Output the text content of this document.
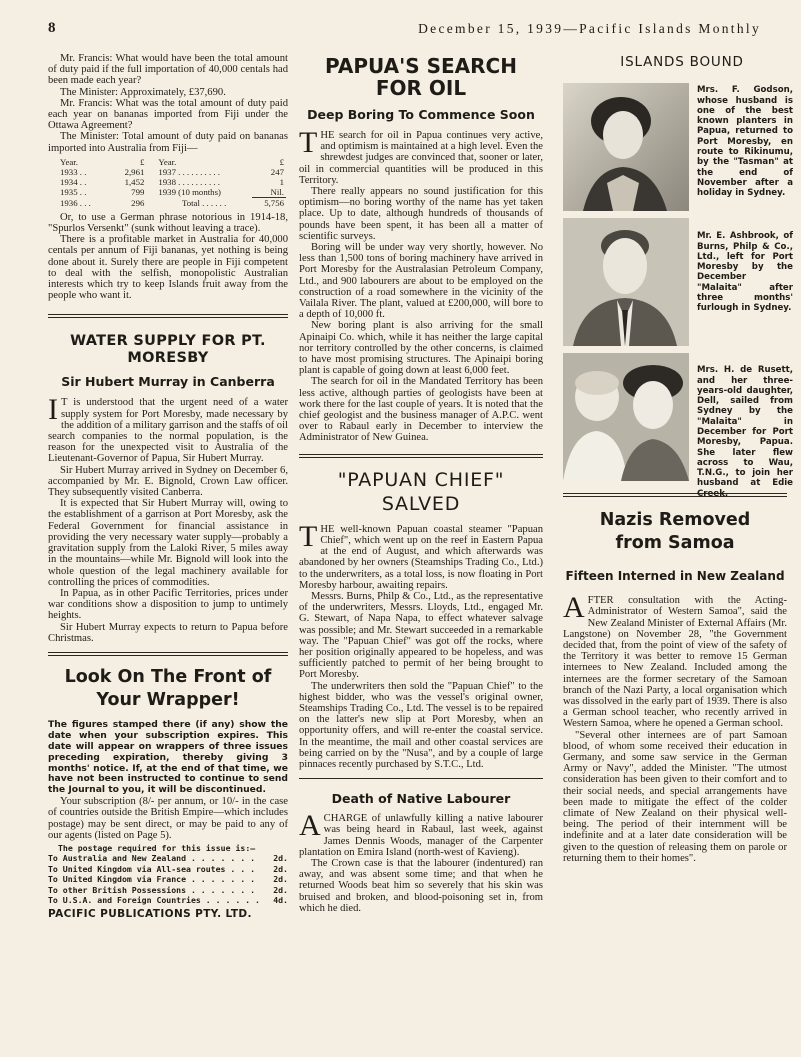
8	December 15, 1939—Pacific Islands Monthly

Mr. Francis: What would have been the total amount of duty paid if the full importation of 40,000 centals had been made each year?

The Minister: Approximately, £37,690.

Mr. Francis: What was the total amount of duty paid each year on bananas imported from Fiji under the Ottawa Agreement?

The Minister: Total amount of duty paid on bananas imported into Australia from Fiji—

Year.	£	Year.	£
1933 . .	2,961	1937 . . . . . . . . . .	247
1934 . .	1,452	1938 . . . . . . . . . .	1
1935 . .	799	1939 (10 months)	Nil.
1936 . . .	296	Total . . . . . .	5,756

Or, to use a German phrase notorious in 1914-18, "Spurlos Versenkt" (sunk without leaving a trace).

There is a profitable market in Australia for 40,000 centals per annum of Fiji bananas, yet nothing is being done about it. Surely there are people in Fiji competent to deal with the selfish, monopolistic Australian interests which try to keep Islands fruit away from the people who want it.

WATER SUPPLY FOR PT. MORESBY
Sir Hubert Murray in Canberra
I T is understood that the urgent need of a water supply system for Port Moresby, made necessary by the addition of a military garrison and the staffs of oil search companies to the normal population, is the reason for the unexpected visit to Australia of the Lieutenant-Governor of Papua, Sir Hubert Murray.

Sir Hubert Murray arrived in Sydney on December 6, accompanied by Mr. E. Bignold, Crown Law officer. They subsequently visited Canberra.

It is expected that Sir Hubert Murray will, owing to the establishment of a garrison at Port Moresby, ask the Federal Government for financial assistance in providing the very necessary water supply—probably a gravitation supply from the Laloki River, 5 miles away in the mountains—while Mr. Bignold will look into the whole question of the legal machinery available for controlling the prices of commodities.

In Papua, as in other Pacific Territories, prices under war conditions show a disposition to jump to untimely heights.

Sir Hubert Murray expects to return to Papua before Christmas.

Look On The Front of Your Wrapper!

The figures stamped there (if any) show the date when your subscription expires. This date will appear on wrappers of three issues preceding expiration, thereby giving 3 months' notice. If, at the end of that time, we have not been instructed to continue to send the Journal to you, it will be discontinued.

Your subscription (8/- per annum, or 10/- in the case of countries outside the British Empire—which includes postage) may be sent direct, or may be paid to any of our agents (listed on Page 5).

The postage required for this issue is:—
To Australia and New Zealand . . . . . . . 2d.
To United Kingdom via All-sea routes . . . 2d.
To United Kingdom via France . . . . . . . 2d.
To other British Possessions . . . . . . . 2d.
To U.S.A. and Foreign Countries . . . . . . 4d.
PACIFIC PUBLICATIONS PTY. LTD.
PAPUA'S SEARCH FOR OIL
Deep Boring To Commence Soon
T HE search for oil in Papua continues very active, and optimism is maintained at a high level. Even the shrewdest judges are convinced that, sooner or later, oil in commercial quantities will be produced in this Territory.

There really appears no sound justification for this optimism—no boring worthy of the name has yet taken place. Up to date, although hundreds of thousands of pounds have been spent, it has been all a matter of scientific surveys.

Boring will be under way very shortly, however. No less than 1,500 tons of boring machinery have arrived in Port Moresby for the Australasian Petroleum Company, Ltd., and 900 labourers are about to be employed on the construction of a road somewhere in the vicinity of the Vailala River. The plant, valued at £200,000, will bore to a depth of 10,000 ft.

New boring plant is also arriving for the small Apinaipi Co. which, while it has neither the large capital nor territory controlled by the other concerns, is claimed to have most promising structures. The Apinaipi boring plant is capable of going down at least 6,000 feet.

The search for oil in the Mandated Territory has been less active, although parties of geologists have been at work there for the last couple of years. It is noted that the chief geologist and the business manager of A.P.C. went over to Rabaul early in December to interview the Administrator of New Guinea.

"PAPUAN CHIEF"
SALVED
T HE well-known Papuan coastal steamer "Papuan Chief", which went up on the reef in Eastern Papua at the end of August, and which afterwards was abandoned by her owners (Steamships Trading Co., Ltd.) to the underwriters, as a total loss, is now floating in Port Moresby harbour, awaiting repairs.

Messrs. Burns, Philp & Co., Ltd., as the representative of the underwriters, Messrs. Lloyds, Ltd., engaged Mr. G. Stewart, of Napa Napa, to effect whatever salvage was possible; and Mr. Stewart succeeded in a remarkable way. The "Papuan Chief" was got off the rocks, where her position originally appeared to be hopeless, and was sufficiently patched to permit of her being brought to Port Moresby.

The underwriters then sold the "Papuan Chief" to the highest bidder, who was the vessel's original owner, Steamships Trading Co., Ltd. The vessel is to be repaired on the latter's new slip at Port Moresby, when an opportunity offers, and will re-enter the coastal service. In the meantime, the mail and other coastal services are being carried on by the "Nusa", and by a couple of large pinnaces recently purchased by S.T.C., Ltd.

Death of Native Labourer
A CHARGE of unlawfully killing a native labourer was being heard in Rabaul, last week, against James Dennis Woods, manager of the Carpenter plantation on Emira Island (north-west of Kavieng).

The Crown case is that the labourer (indentured) ran away, and was absent some time; and that when he returned Woods beat him so severely that his skin was bruised and broken, and blood-poisoning set in, from which he died.

ISLANDS BOUND
Mrs. F. Godson, whose husband is one of the best known planters in Papua, returned to Port Moresby, en route to Rikinumu, by the "Tasman" at the end of November after a holiday in Sydney.
Mr. E. Ashbrook, of Burns, Philp & Co., Ltd., left for Port Moresby by the December "Malaita" after three months' furlough in Sydney.
Mrs. H. de Rusett, and her three-years-old daughter, Dell, sailed from Sydney by the "Malaita" in December for Port Moresby, Papua. She later flew across to Wau, T.N.G., to join her husband at Edie Creek.
Nazis Removed from Samoa
Fifteen Interned in New Zealand
A FTER consultation with the Acting-Administrator of Western Samoa", said the New Zealand Minister of External Affairs (Mr. Langstone) on November 28, "the Government decided that, from the point of view of the safety of the Territory it was better to remove 15 German internees to New Zealand. Included among the internees are the former secretary of the Samoan branch of the Nazi Party, a local organisation which was dissolved in the early part of 1939. There is also a German school teacher, who recently arrived in Western Samoa, where he opened a German school.

"Several other internees are of part Samoan blood, of whom some received their education in Germany, and some saw service in the German Army or Navy", added the Minister. "The utmost consideration has been given to their comfort and to their social needs, and special arrangements have been made to mitigate the effect of the colder climate of New Zealand on their physical well-being. The period of their internment will be indefinite and at a later date consideration will be given to the question of releasing them on parole or returning them to their homes".
